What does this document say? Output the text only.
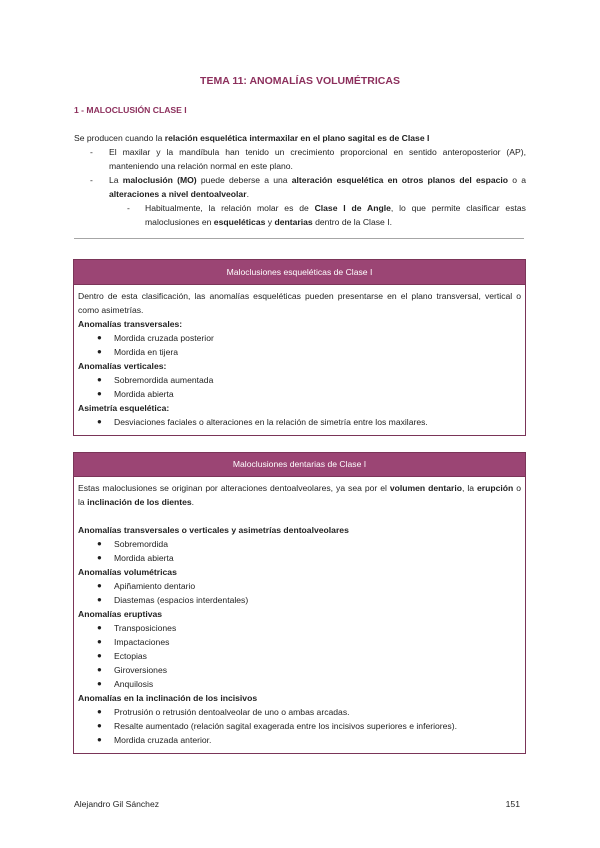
TEMA 11: ANOMALÍAS VOLUMÉTRICAS
1 - MALOCLUSIÓN CLASE I

Se producen cuando la relación esquelética intermaxilar en el plano sagital es de Clase I

- El maxilar y la mandíbula han tenido un crecimiento proporcional en sentido anteroposterior (AP), manteniendo una relación normal en este plano.
- La maloclusión (MO) puede deberse a una alteración esquelética en otros planos del espacio o a alteraciones a nivel dentoalveolar.
- Habitualmente, la relación molar es de Clase I de Angle, lo que permite clasificar estas maloclusiones en esqueléticas y dentarias dentro de la Clase I.
Maloclusiones esqueléticas de Clase I

Dentro de esta clasificación, las anomalías esqueléticas pueden presentarse en el plano transversal, vertical o como asimetrías.

Anomalías transversales:

● Mordida cruzada posterior
● Mordida en tijera

Anomalías verticales:

● Sobremordida aumentada
● Mordida abierta

Asimetría esquelética:

● Desviaciones faciales o alteraciones en la relación de simetría entre los maxilares.
Maloclusiones dentarias de Clase I

Estas maloclusiones se originan por alteraciones dentoalveolares, ya sea por el volumen dentario, la erupción o la inclinación de los dientes.

Anomalías transversales o verticales y asimetrías dentoalveolares

● Sobremordida
● Mordida abierta

Anomalías volumétricas

● Apiñamiento dentario
● Diastemas (espacios interdentales)

Anomalías eruptivas

● Transposiciones
● Impactaciones
● Ectopias
● Giroversiones
● Anquilosis

Anomalías en la inclinación de los incisivos

● Protrusión o retrusión dentoalveolar de uno o ambas arcadas.
● Resalte aumentado (relación sagital exagerada entre los incisivos superiores e inferiores).
● Mordida cruzada anterior.
Alejandro Gil Sánchez	151
